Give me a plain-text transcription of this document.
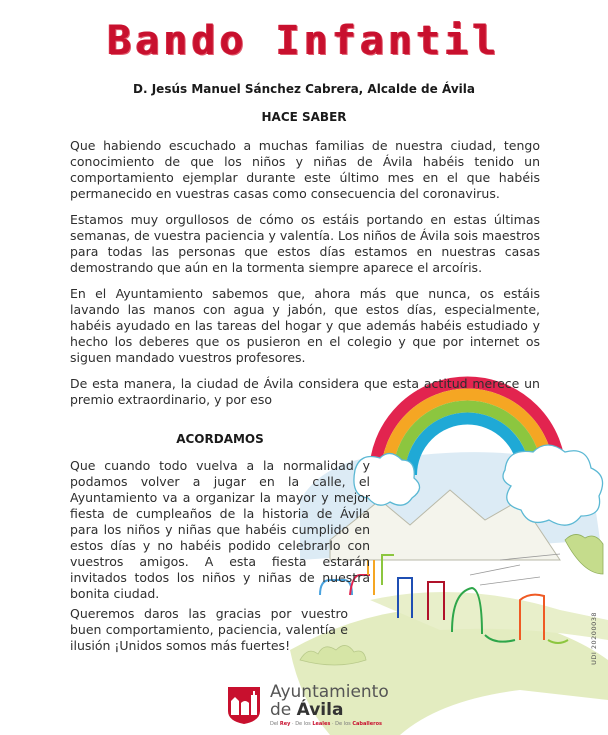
Bando Infantil
D. Jesús Manuel Sánchez Cabrera, Alcalde de Ávila
HACE SABER
Que habiendo escuchado a muchas familias de nuestra ciudad, tengo conocimiento de que los niños y niñas de Ávila habéis tenido un comportamiento ejemplar durante este último mes en el que habéis permanecido en vuestras casas como consecuencia del coronavirus.
Estamos muy orgullosos de cómo os estáis portando en estas últimas semanas, de vuestra paciencia y valentía. Los niños de Ávila sois maestros para todas las personas que estos días estamos en nuestras casas demostrando que aún en la tormenta siempre aparece el arcoíris.
En el Ayuntamiento sabemos que, ahora más que nunca, os estáis lavando las manos con agua y jabón, que estos días, especialmente, habéis ayudado en las tareas del hogar y que además habéis estudiado y hecho los deberes que os pusieron en el colegio y que por internet os siguen mandado vuestros profesores.
De esta manera, la ciudad de Ávila considera que esta actitud merece un premio extraordinario, y por eso
ACORDAMOS
Que cuando todo vuelva a la normalidad y podamos volver a jugar en la calle, el Ayuntamiento va a organizar la mayor y mejor fiesta de cumpleaños de la historia de Ávila para los niños y niñas que habéis cumplido en estos días y no habéis podido celebrarlo con vuestros amigos. A esta fiesta estarán invitados todos los niños y niñas de nuestra bonita ciudad.
Queremos daros las gracias por vuestro buen comportamiento, paciencia, valentía e ilusión ¡Unidos somos más fuertes!	UDI 20200038
Ayuntamiento
de Ávila
Del Rey · De los Leales · De los Caballeros
